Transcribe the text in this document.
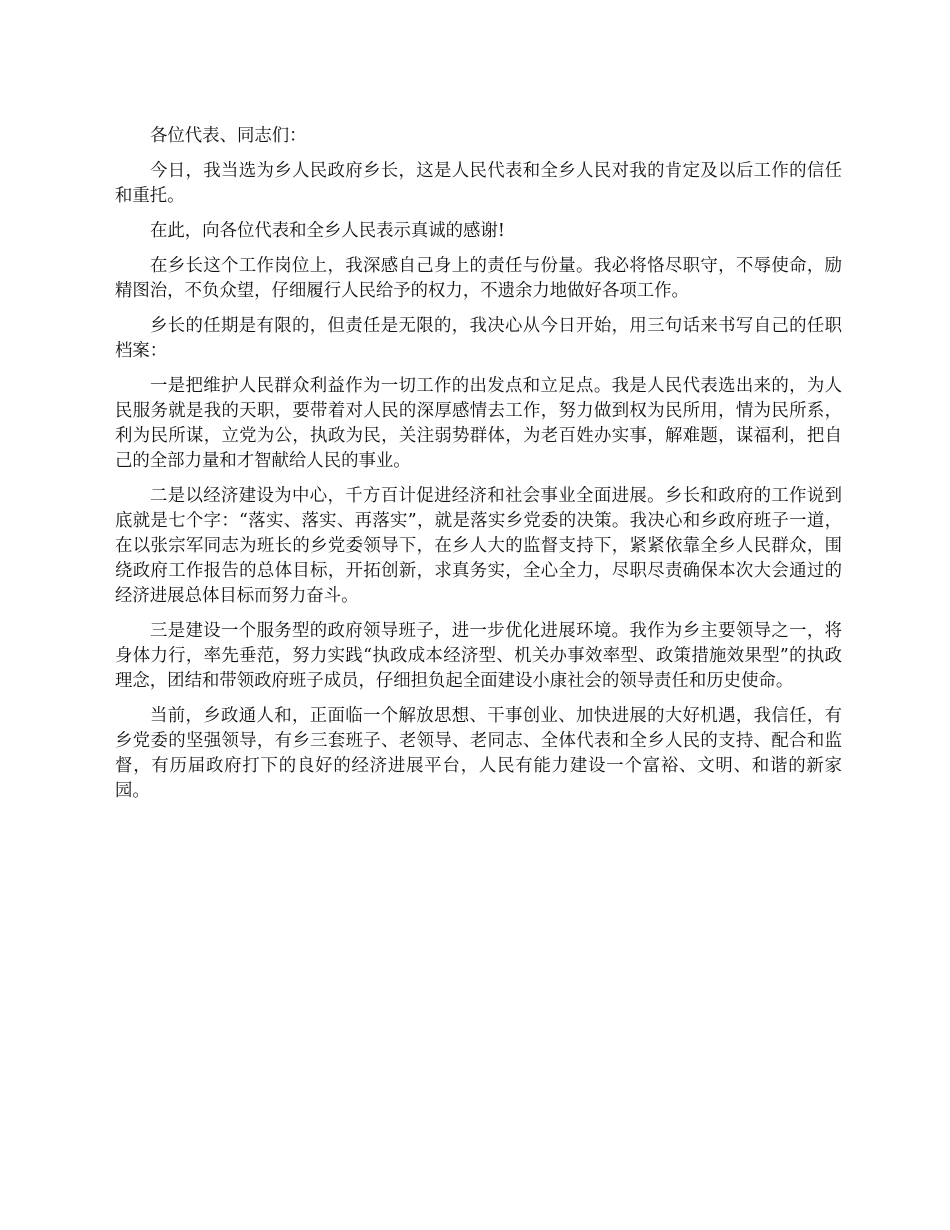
各位代表、同志们：

今日，我当选为乡人民政府乡长，这是人民代表和全乡人民对我的肯定及以后工作的信任和重托。

在此，向各位代表和全乡人民表示真诚的感谢!

在乡长这个工作岗位上，我深感自己身上的责任与份量。我必将恪尽职守，不辱使命，励精图治，不负众望，仔细履行人民给予的权力，不遗余力地做好各项工作。

乡长的任期是有限的，但责任是无限的，我决心从今日开始，用三句话来书写自己的任职档案：

一是把维护人民群众利益作为一切工作的出发点和立足点。我是人民代表选出来的，为人民服务就是我的天职，要带着对人民的深厚感情去工作，努力做到权为民所用，情为民所系，利为民所谋，立党为公，执政为民，关注弱势群体，为老百姓办实事，解难题，谋福利，把自己的全部力量和才智献给人民的事业。

二是以经济建设为中心，千方百计促进经济和社会事业全面进展。乡长和政府的工作说到底就是七个字：“落实、落实、再落实”，就是落实乡党委的决策。我决心和乡政府班子一道，在以张宗军同志为班长的乡党委领导下，在乡人大的监督支持下，紧紧依靠全乡人民群众，围绕政府工作报告的总体目标，开拓创新，求真务实，全心全力，尽职尽责确保本次大会通过的经济进展总体目标而努力奋斗。

三是建设一个服务型的政府领导班子，进一步优化进展环境。我作为乡主要领导之一，将身体力行，率先垂范，努力实践“执政成本经济型、机关办事效率型、政策措施效果型”的执政理念，团结和带领政府班子成员，仔细担负起全面建设小康社会的领导责任和历史使命。

当前，乡政通人和，正面临一个解放思想、干事创业、加快进展的大好机遇，我信任，有乡党委的坚强领导，有乡三套班子、老领导、老同志、全体代表和全乡人民的支持、配合和监督，有历届政府打下的良好的经济进展平台，人民有能力建设一个富裕、文明、和谐的新家园。
